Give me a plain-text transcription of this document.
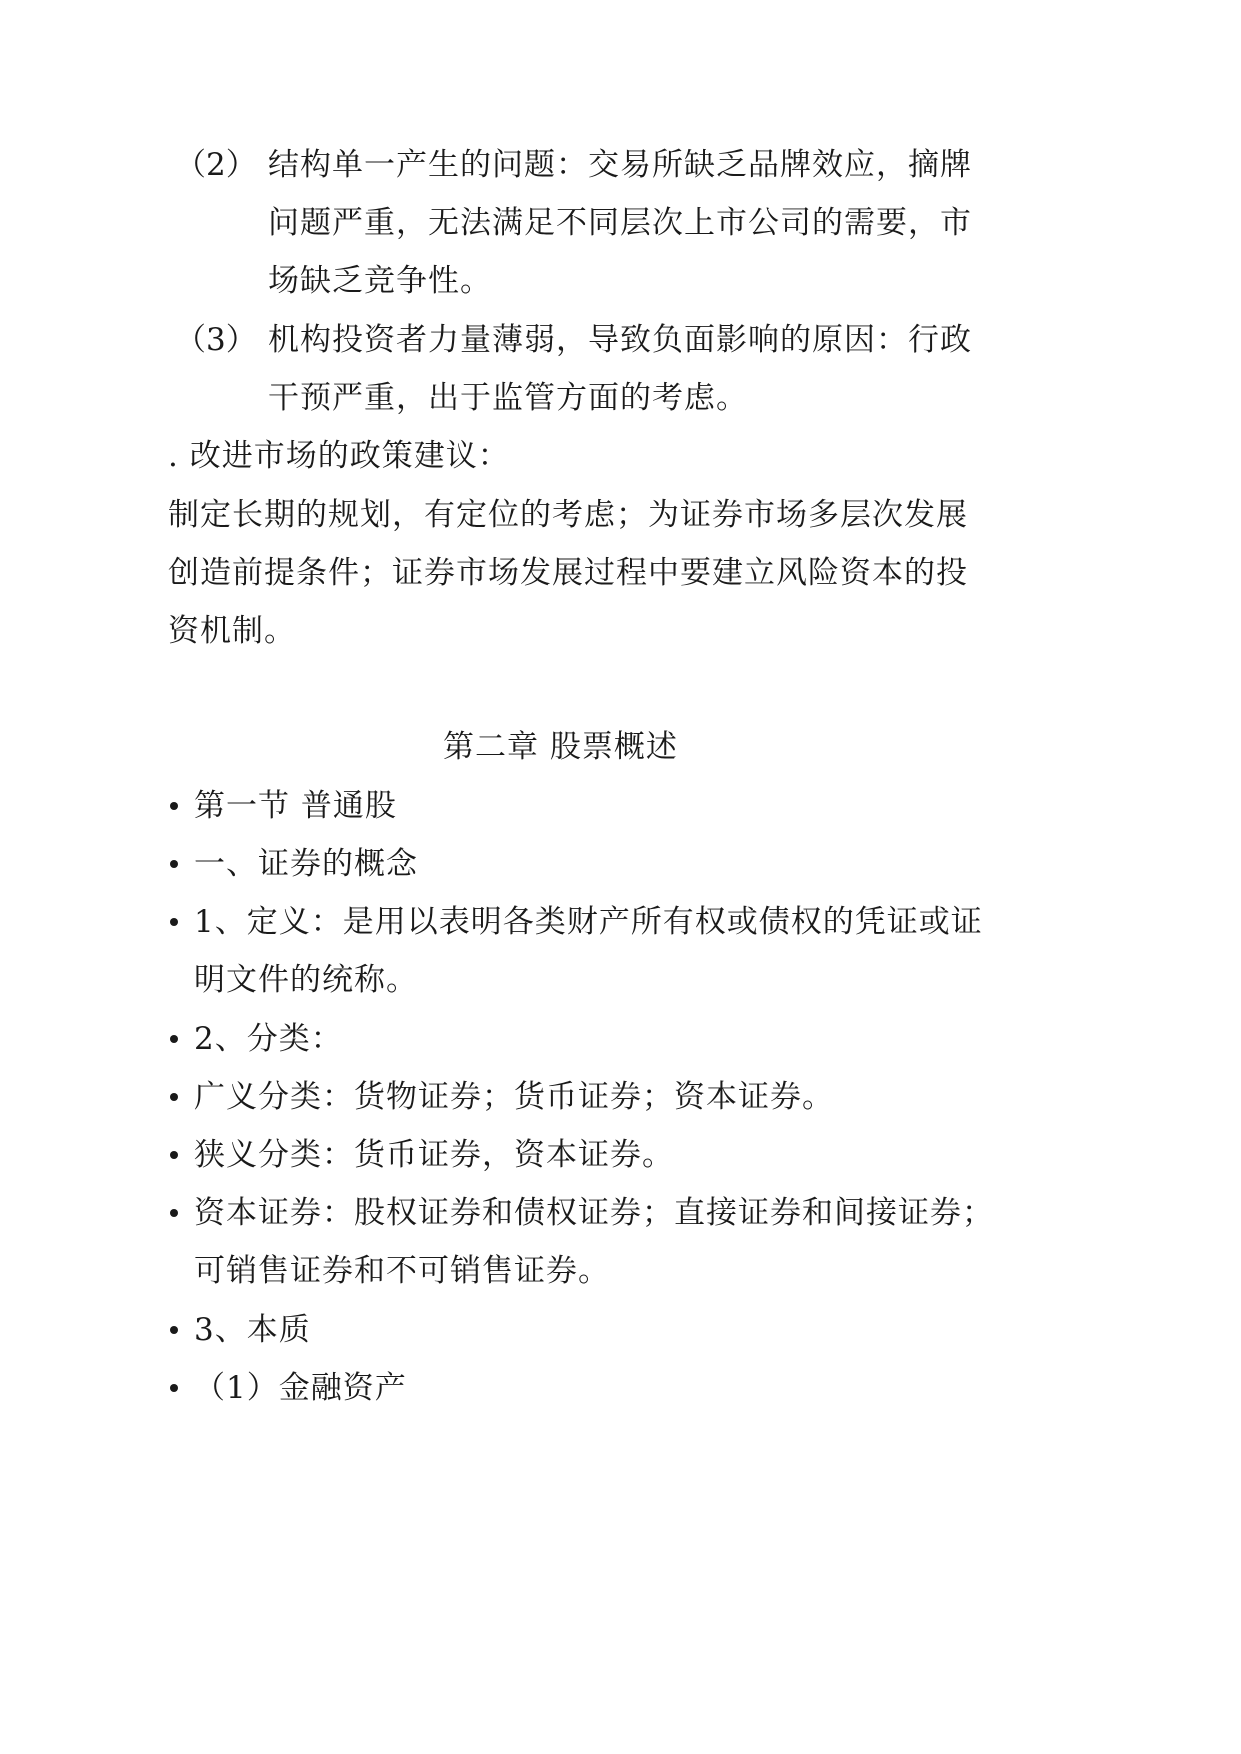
（2） 结构单一产生的问题：交易所缺乏品牌效应，摘牌
问题严重，无法满足不同层次上市公司的需要，市
场缺乏竞争性。
（3） 机构投资者力量薄弱，导致负面影响的原因：行政
干预严重，出于监管方面的考虑。
. 改进市场的政策建议：
制定长期的规划，有定位的考虑；为证券市场多层次发展
创造前提条件；证券市场发展过程中要建立风险资本的投
资机制。
第二章 股票概述
第一节 普通股
一、证券的概念
1、定义：是用以表明各类财产所有权或债权的凭证或证
明文件的统称。
2、分类：
广义分类：货物证券；货币证券；资本证券。
狭义分类：货币证券，资本证券。
资本证券：股权证券和债权证券；直接证券和间接证券；
可销售证券和不可销售证券。
3、本质
（1）金融资产
